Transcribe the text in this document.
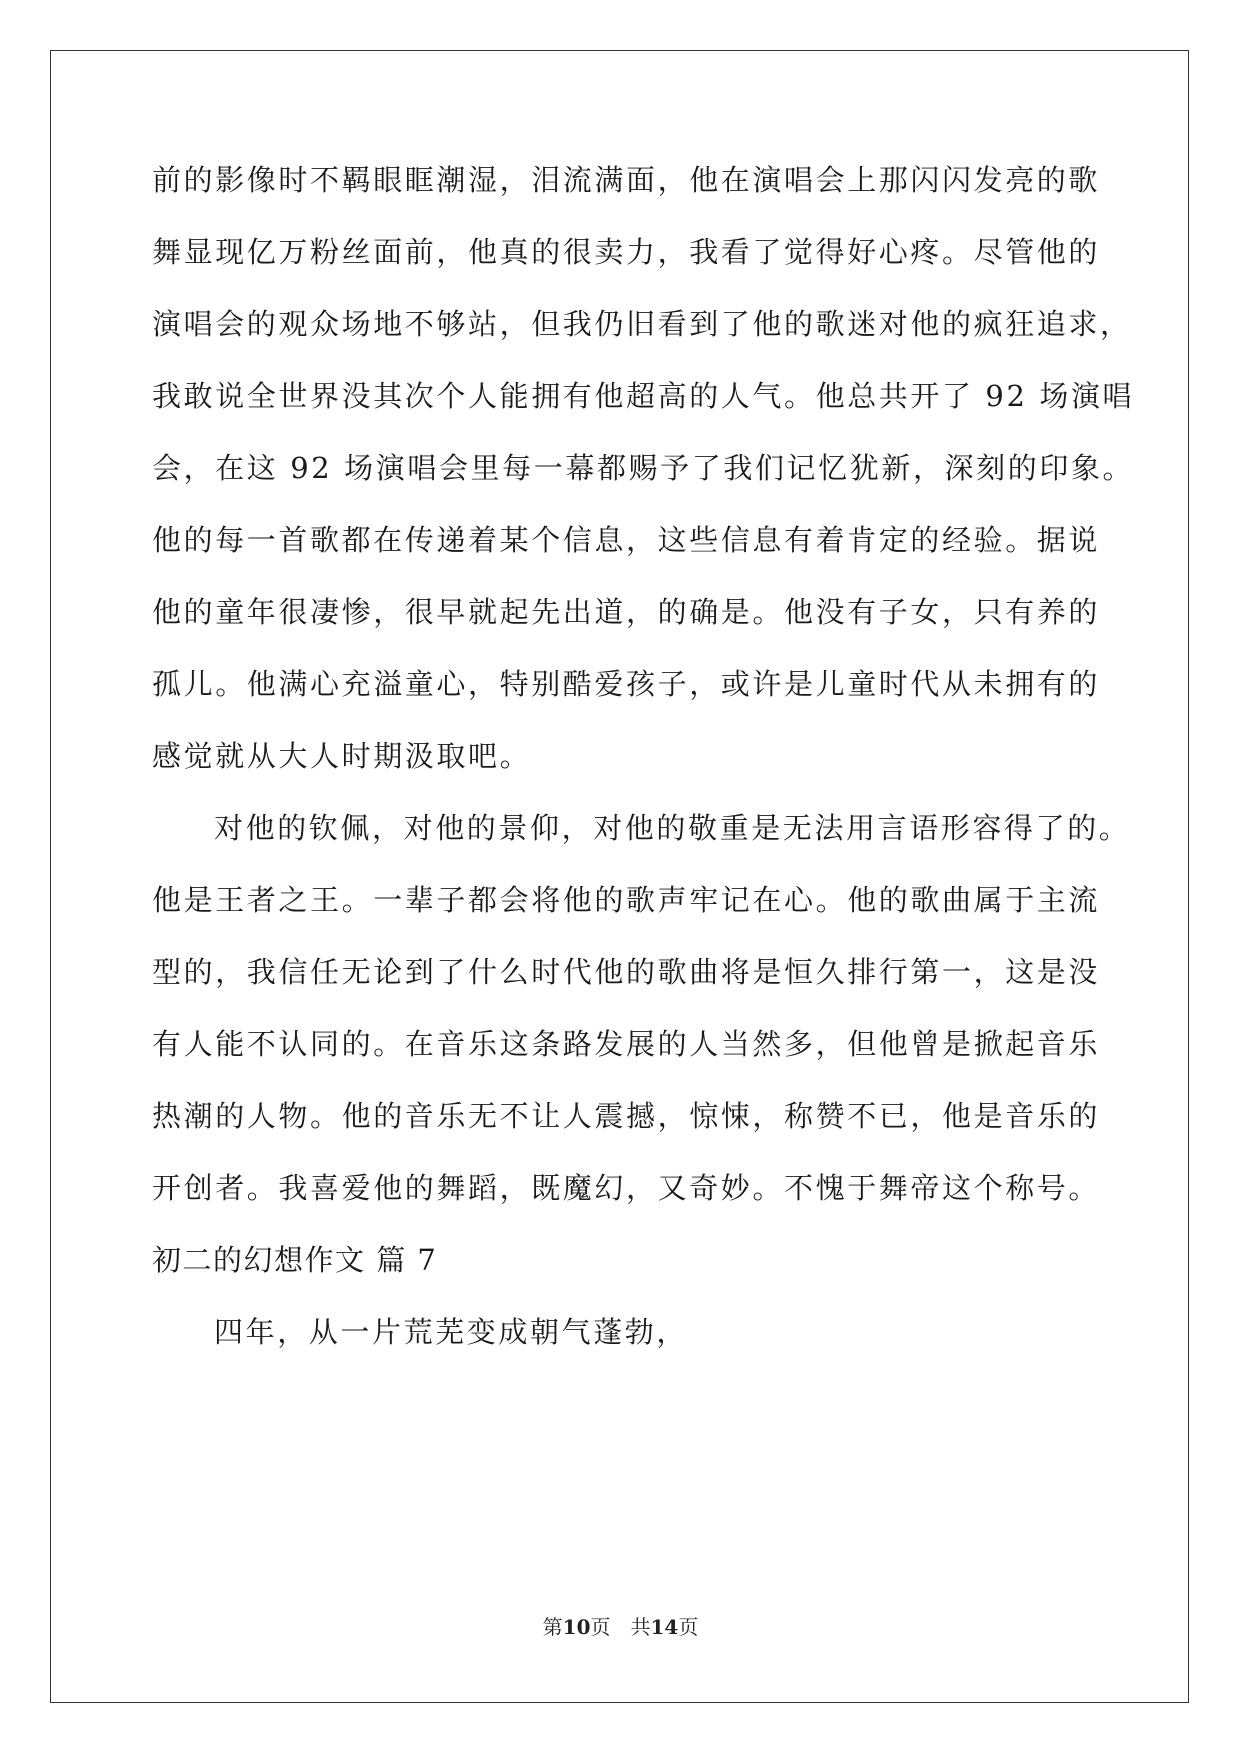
前的影像时不羁眼眶潮湿，泪流满面，他在演唱会上那闪闪发亮的歌
舞显现亿万粉丝面前，他真的很卖力，我看了觉得好心疼。尽管他的
演唱会的观众场地不够站，但我仍旧看到了他的歌迷对他的疯狂追求，
我敢说全世界没其次个人能拥有他超高的人气。他总共开了 92 场演唱
会，在这 92 场演唱会里每一幕都赐予了我们记忆犹新，深刻的印象。
他的每一首歌都在传递着某个信息，这些信息有着肯定的经验。据说
他的童年很凄惨，很早就起先出道，的确是。他没有子女，只有养的
孤儿。他满心充溢童心，特别酷爱孩子，或许是儿童时代从未拥有的
感觉就从大人时期汲取吧。
对他的钦佩，对他的景仰，对他的敬重是无法用言语形容得了的。
他是王者之王。一辈子都会将他的歌声牢记在心。他的歌曲属于主流
型的，我信任无论到了什么时代他的歌曲将是恒久排行第一，这是没
有人能不认同的。在音乐这条路发展的人当然多，但他曾是掀起音乐
热潮的人物。他的音乐无不让人震撼，惊悚，称赞不已，他是音乐的
开创者。我喜爱他的舞蹈，既魔幻，又奇妙。不愧于舞帝这个称号。
初二的幻想作文 篇 7
四年，从一片荒芜变成朝气蓬勃，
第10页 共14页
